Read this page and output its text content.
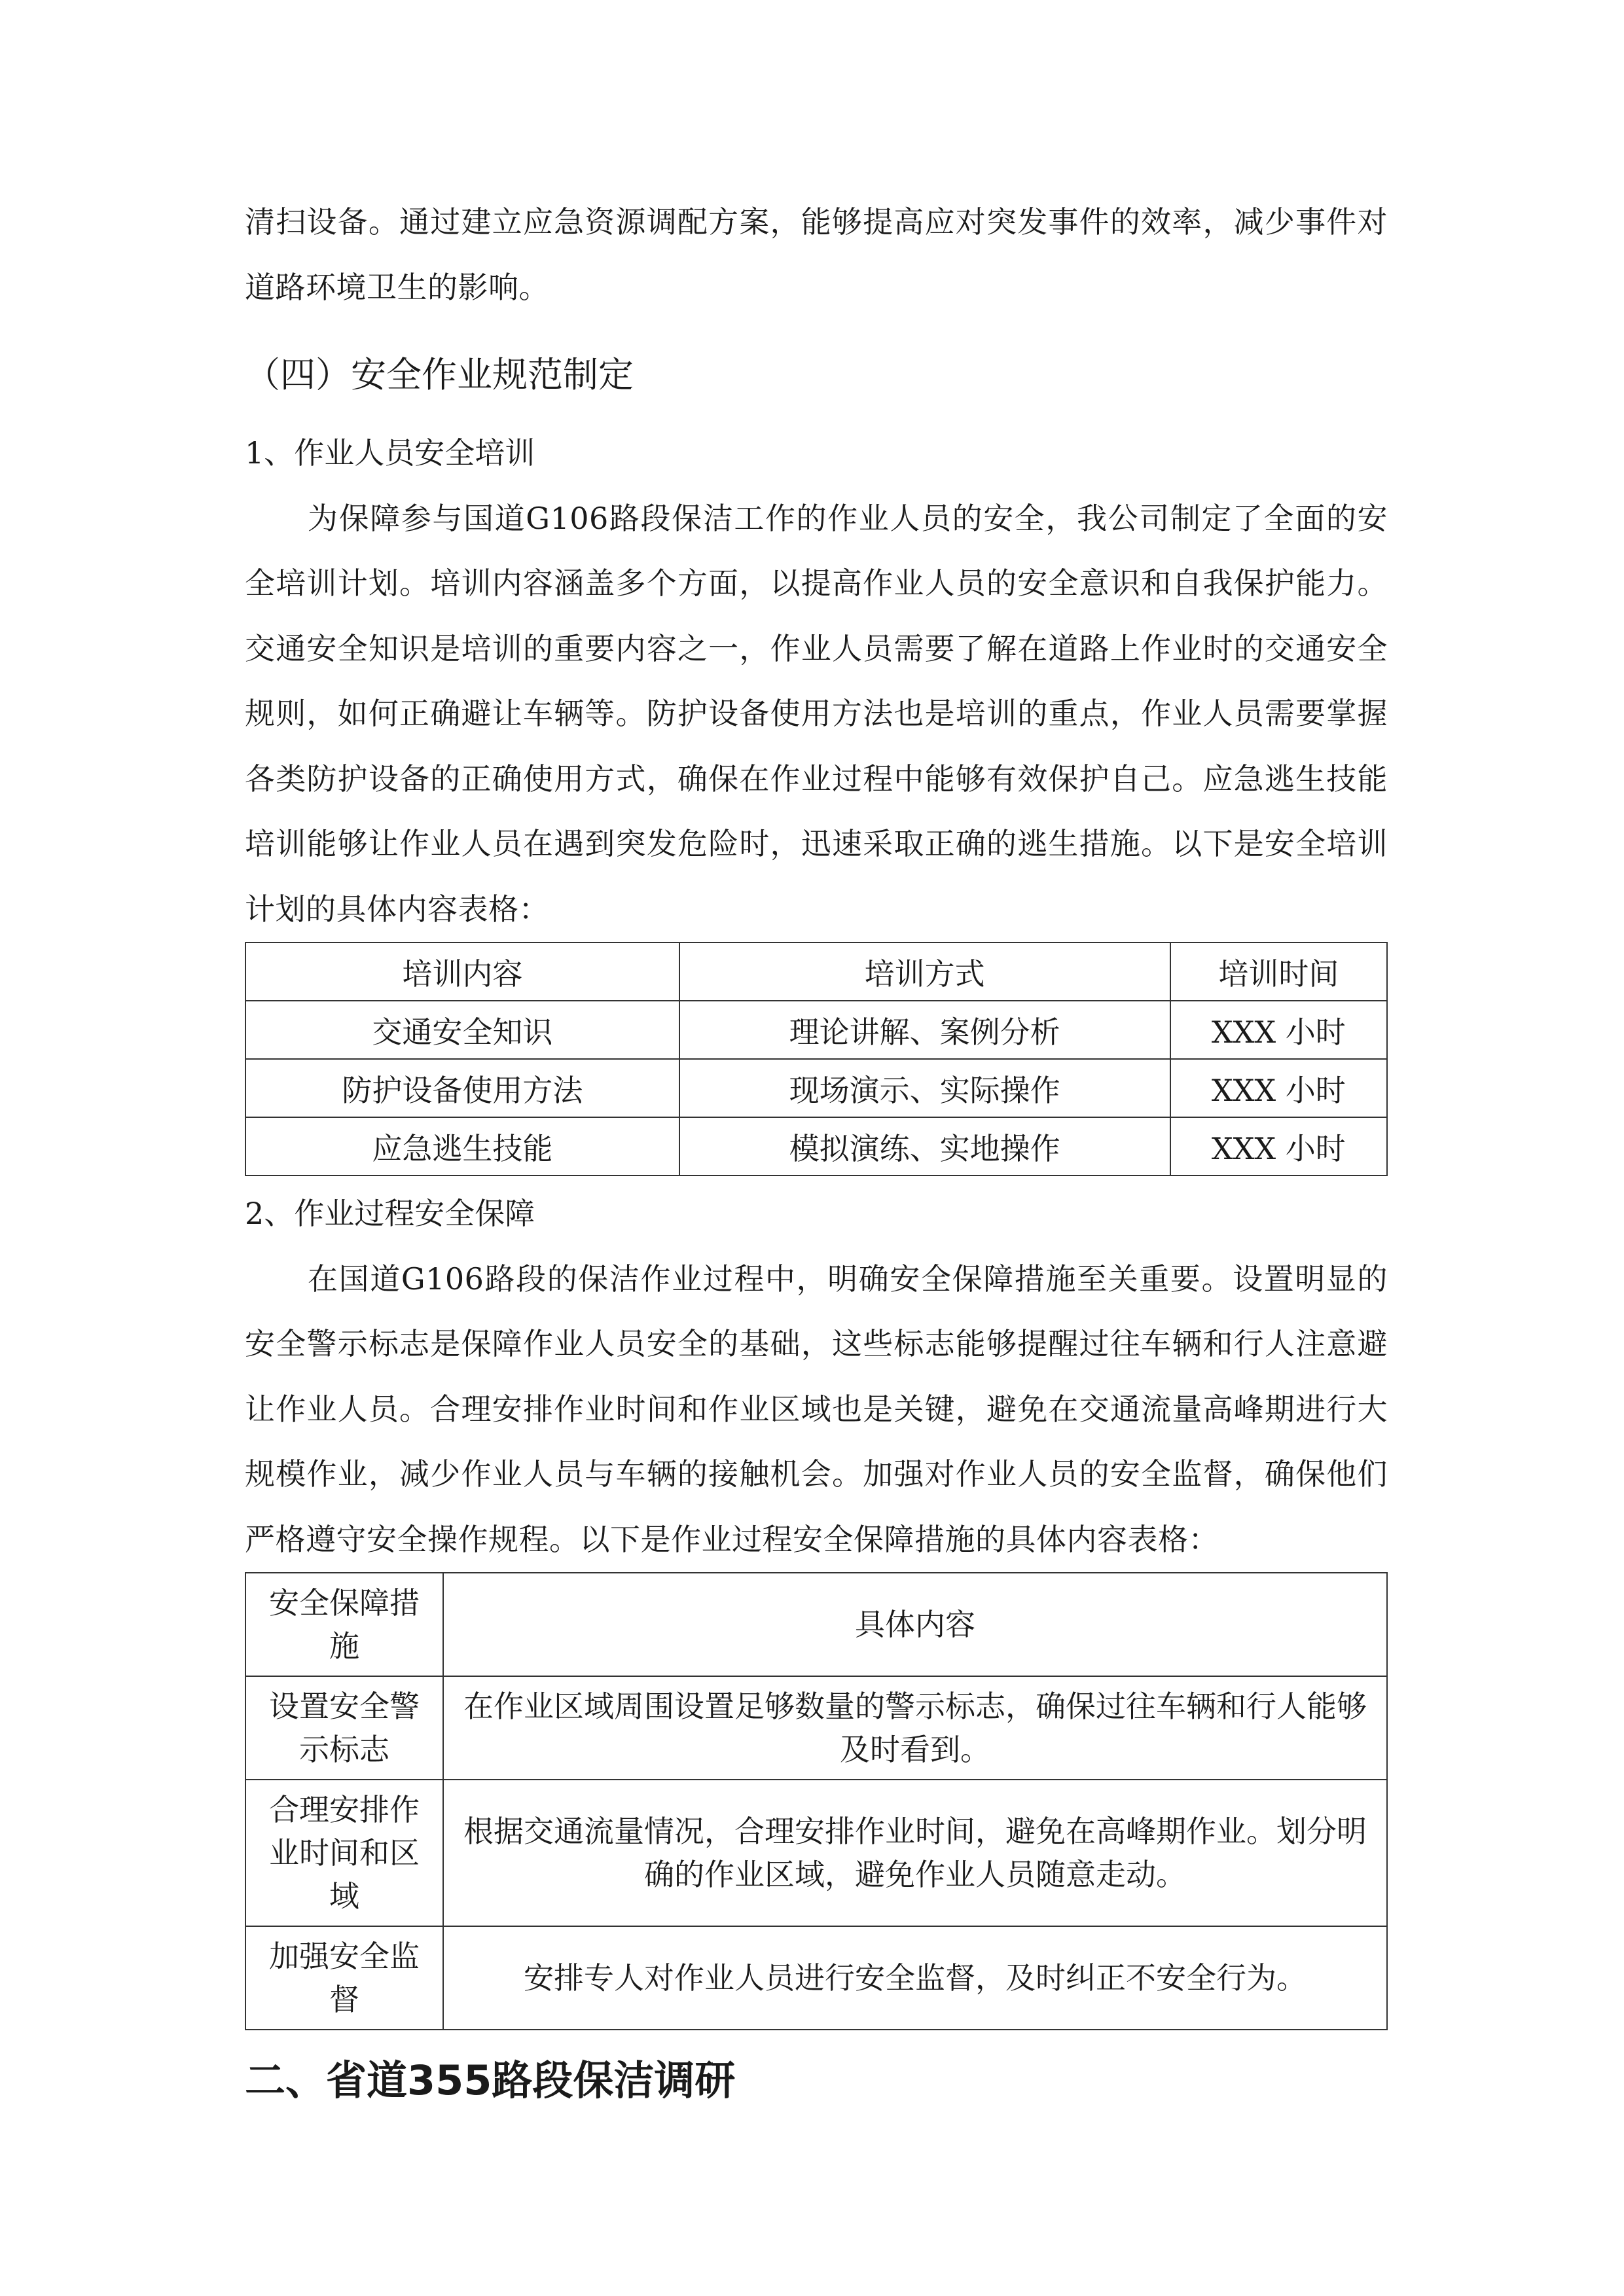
清扫设备。通过建立应急资源调配方案，能够提高应对突发事件的效率，减少事件对道路环境卫生的影响。

（四）安全作业规范制定
1、作业人员安全培训

为保障参与国道G106路段保洁工作的作业人员的安全，我公司制定了全面的安全培训计划。培训内容涵盖多个方面，以提高作业人员的安全意识和自我保护能力。交通安全知识是培训的重要内容之一，作业人员需要了解在道路上作业时的交通安全规则，如何正确避让车辆等。防护设备使用方法也是培训的重点，作业人员需要掌握各类防护设备的正确使用方式，确保在作业过程中能够有效保护自己。应急逃生技能培训能够让作业人员在遇到突发危险时，迅速采取正确的逃生措施。以下是安全培训计划的具体内容表格：

培训内容	培训方式	培训时间
交通安全知识	理论讲解、案例分析	XXX 小时
防护设备使用方法	现场演示、实际操作	XXX 小时
应急逃生技能	模拟演练、实地操作	XXX 小时
2、作业过程安全保障

在国道G106路段的保洁作业过程中，明确安全保障措施至关重要。设置明显的安全警示标志是保障作业人员安全的基础，这些标志能够提醒过往车辆和行人注意避让作业人员。合理安排作业时间和作业区域也是关键，避免在交通流量高峰期进行大规模作业，减少作业人员与车辆的接触机会。加强对作业人员的安全监督，确保他们严格遵守安全操作规程。以下是作业过程安全保障措施的具体内容表格：

安全保障措施	具体内容
设置安全警示标志	在作业区域周围设置足够数量的警示标志，确保过往车辆和行人能够及时看到。
合理安排作业时间和区域	根据交通流量情况，合理安排作业时间，避免在高峰期作业。划分明确的作业区域，避免作业人员随意走动。
加强安全监督	安排专人对作业人员进行安全监督，及时纠正不安全行为。
二、省道355路段保洁调研
